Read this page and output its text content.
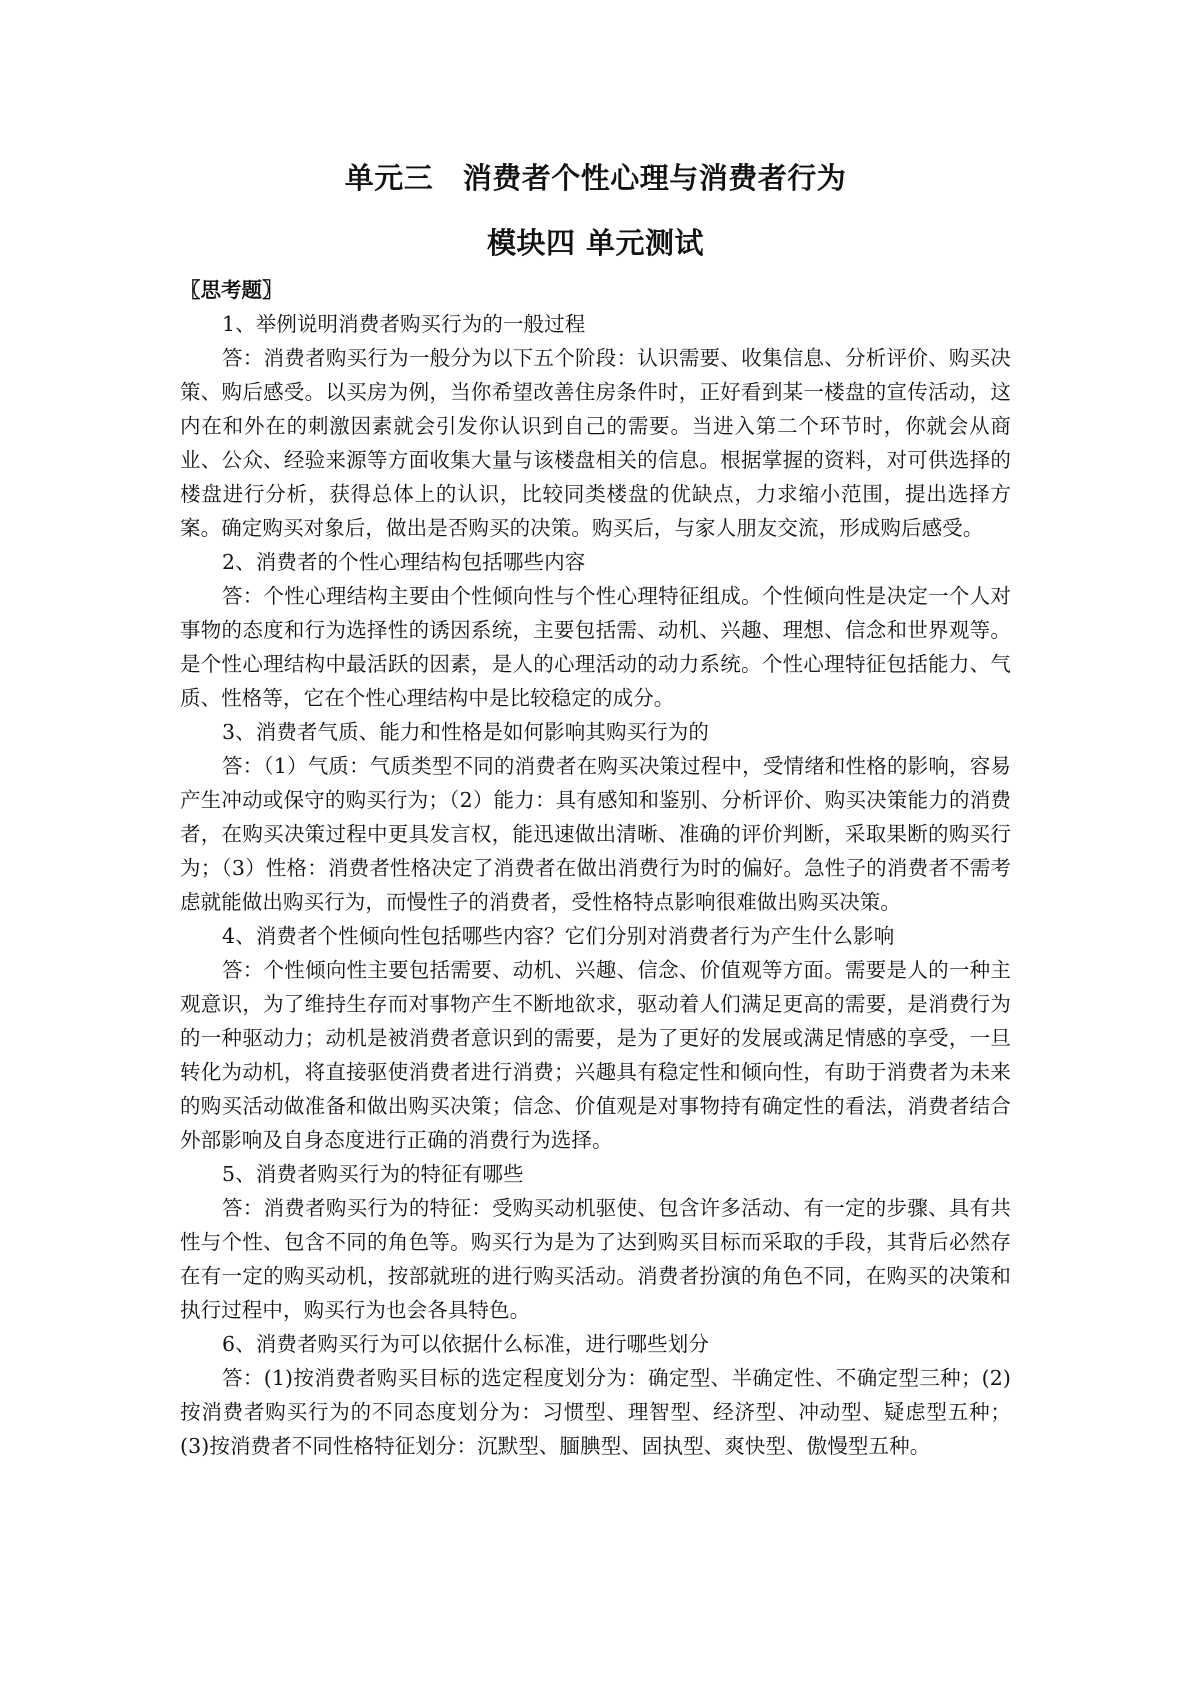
单元三　消费者个性心理与消费者行为
模块四 单元测试
〖思考题〗

1、举例说明消费者购买行为的一般过程

答：消费者购买行为一般分为以下五个阶段：认识需要、收集信息、分析评价、购买决策、购后感受。以买房为例，当你希望改善住房条件时，正好看到某一楼盘的宣传活动，这内在和外在的刺激因素就会引发你认识到自己的需要。当进入第二个环节时，你就会从商业、公众、经验来源等方面收集大量与该楼盘相关的信息。根据掌握的资料，对可供选择的楼盘进行分析，获得总体上的认识，比较同类楼盘的优缺点，力求缩小范围，提出选择方案。确定购买对象后，做出是否购买的决策。购买后，与家人朋友交流，形成购后感受。

2、消费者的个性心理结构包括哪些内容

答：个性心理结构主要由个性倾向性与个性心理特征组成。个性倾向性是决定一个人对事物的态度和行为选择性的诱因系统，主要包括需、动机、兴趣、理想、信念和世界观等。是个性心理结构中最活跃的因素，是人的心理活动的动力系统。个性心理特征包括能力、气质、性格等，它在个性心理结构中是比较稳定的成分。

3、消费者气质、能力和性格是如何影响其购买行为的

答：（1）气质：气质类型不同的消费者在购买决策过程中，受情绪和性格的影响，容易产生冲动或保守的购买行为；（2）能力：具有感知和鉴别、分析评价、购买决策能力的消费者，在购买决策过程中更具发言权，能迅速做出清晰、准确的评价判断，采取果断的购买行为；（3）性格：消费者性格决定了消费者在做出消费行为时的偏好。急性子的消费者不需考虑就能做出购买行为，而慢性子的消费者，受性格特点影响很难做出购买决策。

4、消费者个性倾向性包括哪些内容？它们分别对消费者行为产生什么影响

答：个性倾向性主要包括需要、动机、兴趣、信念、价值观等方面。需要是人的一种主观意识，为了维持生存而对事物产生不断地欲求，驱动着人们满足更高的需要，是消费行为的一种驱动力；动机是被消费者意识到的需要，是为了更好的发展或满足情感的享受，一旦转化为动机，将直接驱使消费者进行消费；兴趣具有稳定性和倾向性，有助于消费者为未来的购买活动做准备和做出购买决策；信念、价值观是对事物持有确定性的看法，消费者结合外部影响及自身态度进行正确的消费行为选择。

5、消费者购买行为的特征有哪些

答：消费者购买行为的特征：受购买动机驱使、包含许多活动、有一定的步骤、具有共性与个性、包含不同的角色等。购买行为是为了达到购买目标而采取的手段，其背后必然存在有一定的购买动机，按部就班的进行购买活动。消费者扮演的角色不同，在购买的决策和执行过程中，购买行为也会各具特色。

6、消费者购买行为可以依据什么标准，进行哪些划分

答：(1)按消费者购买目标的选定程度划分为：确定型、半确定性、不确定型三种；(2)按消费者购买行为的不同态度划分为：习惯型、理智型、经济型、冲动型、疑虑型五种；(3)按消费者不同性格特征划分：沉默型、腼腆型、固执型、爽快型、傲慢型五种。
